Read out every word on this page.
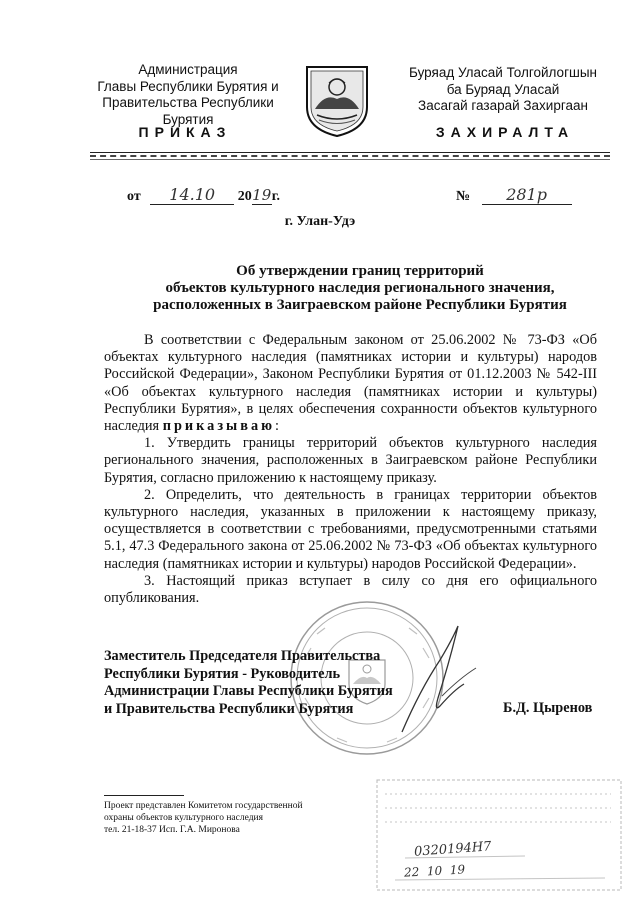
Администрация
Главы Республики Бурятия и
Правительства Республики Бурятия
Буряад Уласай Толгойлогшын
ба Буряад Уласай
Засагай газарай Захиргаан
ПРИКАЗ	ЗАХИРАЛТА
от 14.10 2019г.	№ 281р
г. Улан-Удэ
Об утверждении границ территорий
объектов культурного наследия регионального значения,
расположенных в Заиграевском районе Республики Бурятия

В соответствии с Федеральным законом от 25.06.2002 № 73-ФЗ «Об объектах культурного наследия (памятниках истории и культуры) народов Российской Федерации», Законом Республики Бурятия от 01.12.2003 № 542-III «Об объектах культурного наследия (памятниках истории и культуры) Республики Бурятия», в целях обеспечения сохранности объектов культурного наследия приказываю:

1. Утвердить границы территорий объектов культурного наследия регионального значения, расположенных в Заиграевском районе Республики Бурятия, согласно приложению к настоящему приказу.

2. Определить, что деятельность в границах территории объектов культурного наследия, указанных в приложении к настоящему приказу, осуществляется в соответствии с требованиями, предусмотренными статьями 5.1, 47.3 Федерального закона от 25.06.2002 № 73-ФЗ «Об объектах культурного наследия (памятниках истории и культуры) народов Российской Федерации».

3. Настоящий приказ вступает в силу со дня его официального опубликования.

Заместитель Председателя Правительства
Республики Бурятия - Руководитель
Администрации Главы Республики Бурятия
и Правительства Республики Бурятия	Б.Д. Цыренов
Проект представлен Комитетом государственной
охраны объектов культурного наследия
тел. 21-18-37 Исп. Г.А. Миронова
0320194Н7
22  10  19
